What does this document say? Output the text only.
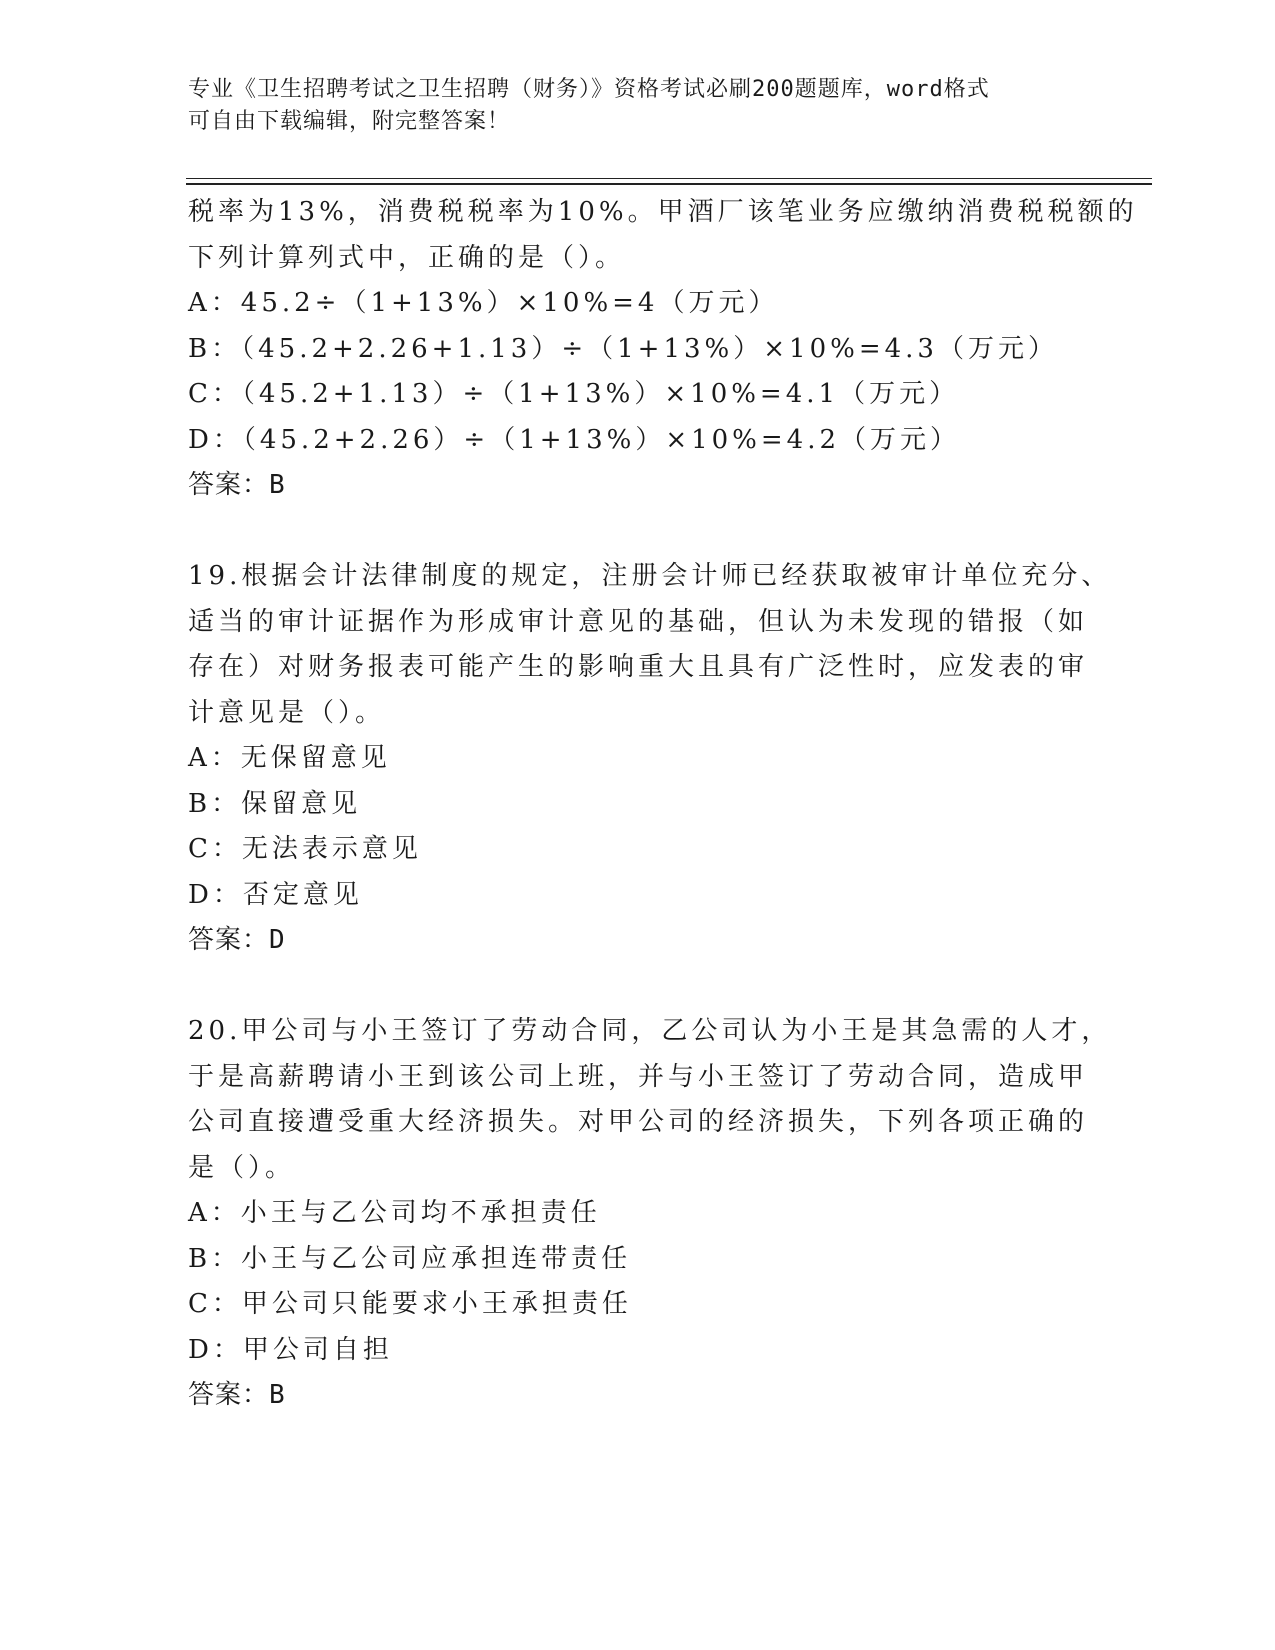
专业《卫生招聘考试之卫生招聘（财务）》资格考试必刷200题题库，word格式
可自由下载编辑，附完整答案！
税率为13%，消费税税率为10%。甲酒厂该笔业务应缴纳消费税税额的
下列计算列式中，正确的是（）。
A：45.2÷（1+13%）×10%=4（万元）
B：（45.2+2.26+1.13）÷（1+13%）×10%=4.3（万元）
C：（45.2+1.13）÷（1+13%）×10%=4.1（万元）
D：（45.2+2.26）÷（1+13%）×10%=4.2（万元）
答案：B
19.根据会计法律制度的规定，注册会计师已经获取被审计单位充分、
适当的审计证据作为形成审计意见的基础，但认为未发现的错报（如
存在）对财务报表可能产生的影响重大且具有广泛性时，应发表的审
计意见是（）。
A：无保留意见
B：保留意见
C：无法表示意见
D：否定意见
答案：D
20.甲公司与小王签订了劳动合同，乙公司认为小王是其急需的人才，
于是高薪聘请小王到该公司上班，并与小王签订了劳动合同，造成甲
公司直接遭受重大经济损失。对甲公司的经济损失，下列各项正确的
是（）。
A：小王与乙公司均不承担责任
B：小王与乙公司应承担连带责任
C：甲公司只能要求小王承担责任
D：甲公司自担
答案：B
